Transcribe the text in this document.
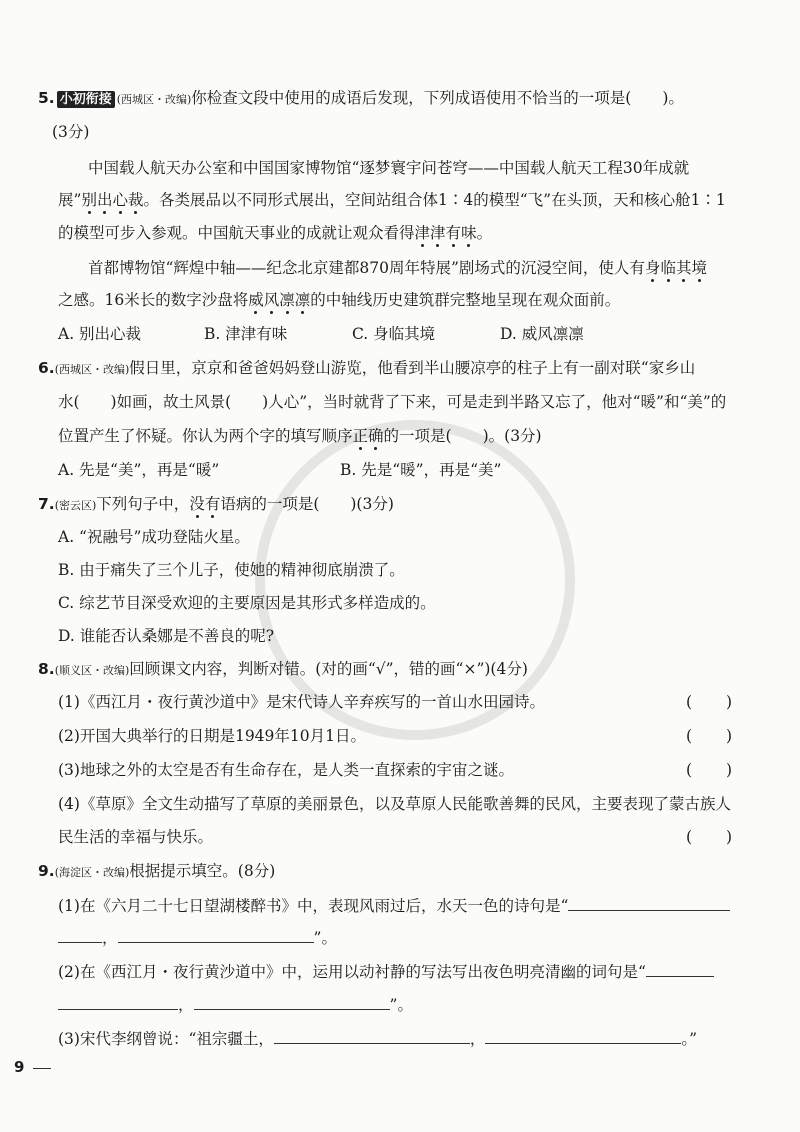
5. 小初衔接 (西城区・改编)你检查文段中使用的成语后发现，下列成语使用不恰当的一项是(　　)。
(3分)
中国载人航天办公室和中国国家博物馆“逐梦寰宇问苍穹——中国载人航天工程30年成就
展”别出心裁。各类展品以不同形式展出，空间站组合体1∶4的模型“飞”在头顶，天和核心舱1∶1
的模型可步入参观。中国航天事业的成就让观众看得津津有味。
首都博物馆“辉煌中轴——纪念北京建都870周年特展”剧场式的沉浸空间，使人有身临其境
之感。16米长的数字沙盘将威风凛凛的中轴线历史建筑群完整地呈现在观众面前。
A. 别出心裁	B. 津津有味	C. 身临其境	D. 威风凛凛
6.(西城区・改编)假日里，京京和爸爸妈妈登山游览，他看到半山腰凉亭的柱子上有一副对联“家乡山
水(　　)如画，故土风景(　　)人心”，当时就背了下来，可是走到半路又忘了，他对“暖”和“美”的
位置产生了怀疑。你认为两个字的填写顺序正确的一项是(　　)。(3分)
A. 先是“美”，再是“暖”	B. 先是“暖”，再是“美”
7.(密云区)下列句子中，没有语病的一项是(　　)(3分)
A. “祝融号”成功登陆火星。
B. 由于痛失了三个儿子，使她的精神彻底崩溃了。
C. 综艺节目深受欢迎的主要原因是其形式多样造成的。
D. 谁能否认桑娜是不善良的呢?
8.(顺义区・改编)回顾课文内容，判断对错。(对的画“√”，错的画“×”)(4分)
(1)《西江月・夜行黄沙道中》是宋代诗人辛弃疾写的一首山水田园诗。	( )
(2)开国大典举行的日期是1949年10月1日。	( )
(3)地球之外的太空是否有生命存在，是人类一直探索的宇宙之谜。	( )
(4)《草原》全文生动描写了草原的美丽景色，以及草原人民能歌善舞的民风，主要表现了蒙古族人
民生活的幸福与快乐。	( )
9.(海淀区・改编)根据提示填空。(8分)
(1)在《六月二十七日望湖楼醉书》中，表现风雨过后，水天一色的诗句是“
，	”。
(2)在《西江月・夜行黄沙道中》中，运用以动衬静的写法写出夜色明亮清幽的词句是“
，	”。
(3)宋代李纲曾说：“祖宗疆土，	，	。”
9
